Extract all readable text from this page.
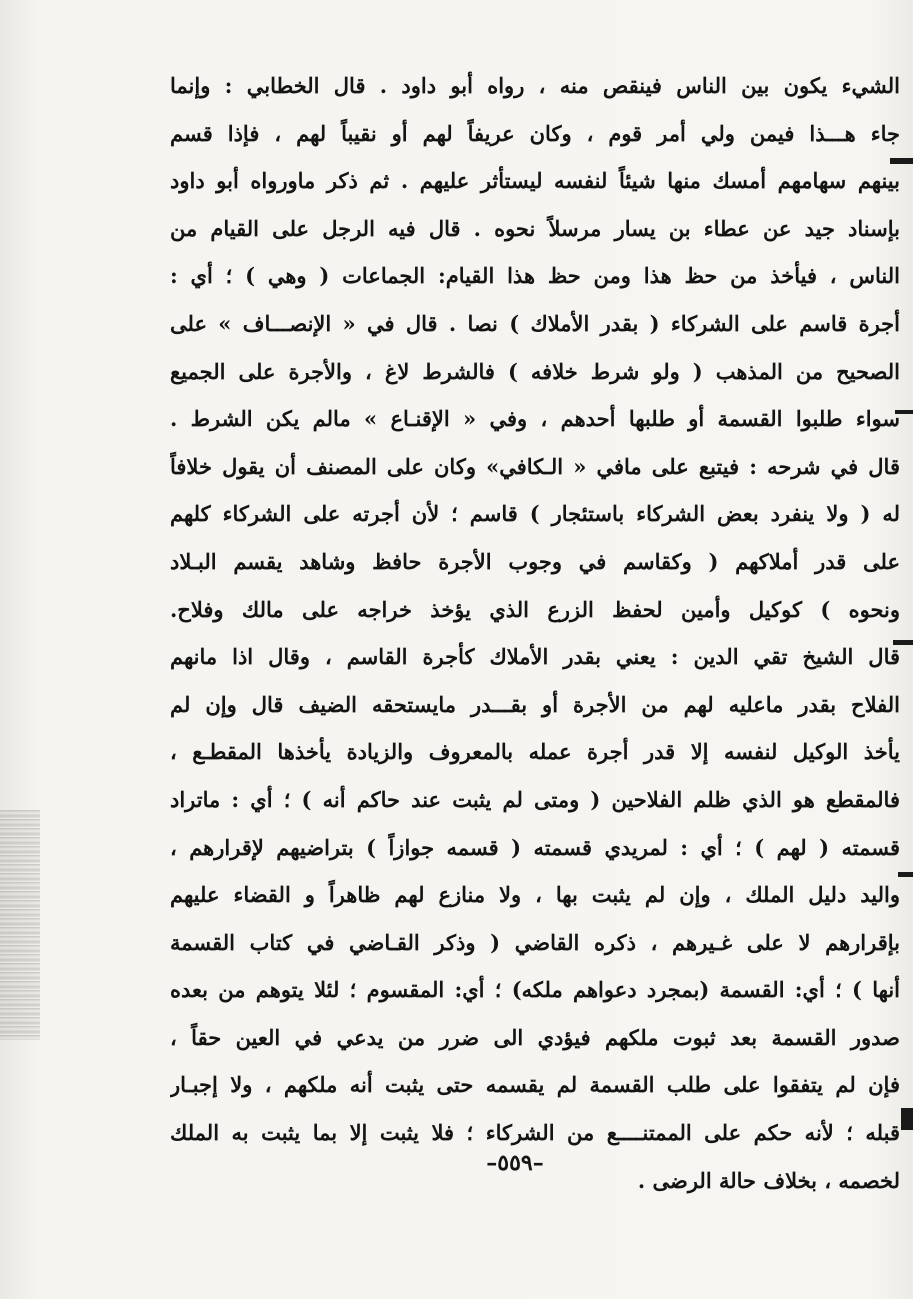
الشيء يكون بين الناس فينقص منه ، رواه أبو داود . قال الخطابي : وإنما
جاء هـــذا فيمن ولي أمر قوم ، وكان عريفاً لهم أو نقيباً لهم ، فإذا قسم
بينهم سهامهم أمسك منها شيئاً لنفسه ليستأثر عليهم . ثم ذكر ماورواه أبو داود
بإسناد جيد عن عطاء بن يسار مرسلاً نحوه . قال فيه الرجل على القيام من
الناس ، فيأخذ من حظ هذا ومن حظ هذا القيام: الجماعات ( وهي ) ؛ أي :
أجرة قاسم على الشركاء ( بقدر الأملاك ) نصا . قال في « الإنصـــاف » على
الصحيح من المذهب ( ولو شرط خلافه ) فالشرط لاغ ، والأجرة على الجميع
سواء طلبوا القسمة أو طلبها أحدهم ، وفي « الإقنـاع » مالم يكن الشرط .
قال في شرحه : فيتبع على مافي « الـكافي» وكان على المصنف أن يقول خلافاً
له ( ولا ينفرد بعض الشركاء باستئجار ) قاسم ؛ لأن أجرته على الشركاء كلهم
على قدر أملاكهم ( وكقاسم في وجوب الأجرة حافظ وشاهد يقسم البـلاد
ونحوه ) كوكيل وأمين لحفظ الزرع الذي يؤخذ خراجه على مالك وفلاح.
قال الشيخ تقي الدين : يعني بقدر الأملاك كأجرة القاسم ، وقال اذا مانهم
الفلاح بقدر ماعليه لهم من الأجرة أو بقـــدر مايستحقه الضيف قال وإن لم
يأخذ الوكيل لنفسه إلا قدر أجرة عمله بالمعروف والزيادة يأخذها المقطـع ،
فالمقطع هو الذي ظلم الفلاحين ( ومتى لم يثبت عند حاكم أنه ) ؛ أي : ماتراد
قسمته ( لهم ) ؛ أي : لمريدي قسمته ( قسمه جوازاً ) بتراضيهم لإقرارهم ،
واليد دليل الملك ، وإن لم يثبت بها ، ولا منازع لهم ظاهراً و القضاء عليهم
بإقرارهم لا على غـيرهم ، ذكره القاضي ( وذكر القـاضي في كتاب القسمة
أنها ) ؛ أي: القسمة (بمجرد دعواهم ملكه) ؛ أي: المقسوم ؛ لئلا يتوهم من بعده
صدور القسمة بعد ثبوت ملكهم فيؤدي الى ضرر من يدعي في العين حقاً ،
فإن لم يتفقوا على طلب القسمة لم يقسمه حتى يثبت أنه ملكهم ، ولا إجبـار
قبله ؛ لأنه حكم على الممتنــــع من الشركاء ؛ فلا يثبت إلا بما يثبت به الملك
لخصمه ، بخلاف حالة الرضى .
–٥٥٩–
